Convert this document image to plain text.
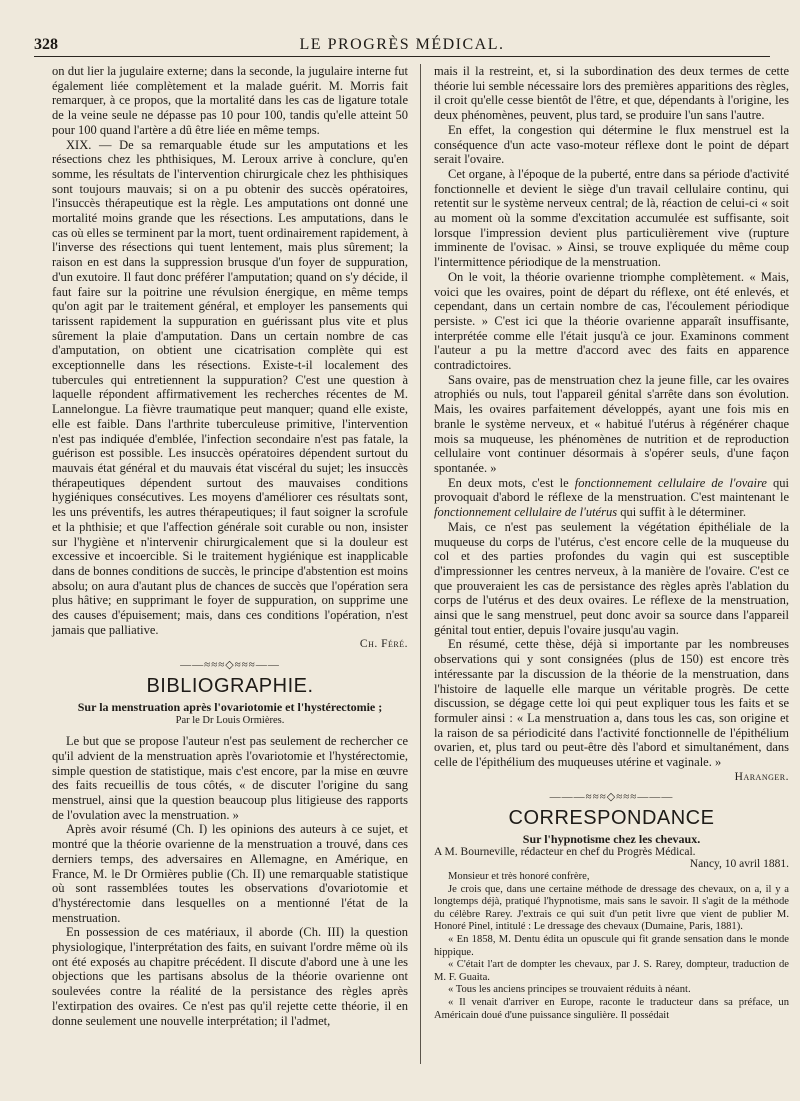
328	LE PROGRÈS MÉDICAL.

on dut lier la jugulaire externe; dans la seconde, la jugulaire interne fut également liée complètement et la malade guérit. M. Morris fait remarquer, à ce propos, que la mortalité dans les cas de ligature totale de la veine seule ne dépasse pas 10 pour 100, tandis qu'elle atteint 50 pour 100 quand l'artère a dû être liée en même temps.

XIX. — De sa remarquable étude sur les amputations et les résections chez les phthisiques, M. Leroux arrive à conclure, qu'en somme, les résultats de l'intervention chirurgicale chez les phthisiques sont toujours mauvais; si on a pu obtenir des succès opératoires, l'insuccès thérapeutique est la règle. Les amputations ont donné une mortalité moins grande que les résections. Les amputations, dans le cas où elles se terminent par la mort, tuent ordinairement rapidement, à l'inverse des résections qui tuent lentement, mais plus sûrement; la raison en est dans la suppression brusque d'un foyer de suppuration, d'un exutoire. Il faut donc préférer l'amputation; quand on s'y décide, il faut faire sur la poitrine une révulsion énergique, en même temps qu'on agit par le traitement général, et employer les pansements qui tarissent rapidement la suppuration en guérissant plus vite et plus sûrement la plaie d'amputation. Dans un certain nombre de cas d'amputation, on obtient une cicatrisation complète qui est exceptionnelle dans les résections. Existe-t-il localement des tubercules qui entretiennent la suppuration? C'est une question à laquelle répondent affirmativement les recherches récentes de M. Lannelongue. La fièvre traumatique peut manquer; quand elle existe, elle est faible. Dans l'arthrite tuberculeuse primitive, l'intervention n'est pas indiquée d'emblée, l'infection secondaire n'est pas fatale, la guérison est possible. Les insuccès opératoires dépendent surtout du mauvais état général et du mauvais état viscéral du sujet; les insuccès thérapeutiques dépendent surtout des mauvaises conditions hygiéniques consécutives. Les moyens d'améliorer ces résultats sont, les uns préventifs, les autres thérapeutiques; il faut soigner la scrofule et la phthisie; et que l'affection générale soit curable ou non, insister sur l'hygiène et n'intervenir chirurgicalement que si la douleur est excessive et incoercible. Si le traitement hygiénique est inapplicable dans de bonnes conditions de succès, le principe d'abstention est moins absolu; on aura d'autant plus de chances de succès que l'opération sera plus hâtive; en supprimant le foyer de suppuration, on supprime une des causes d'épuisement; mais, dans ces conditions l'opération, n'est jamais que palliative.

Ch. Féré.
——≈≈≈◇≈≈≈——
BIBLIOGRAPHIE.
Sur la menstruation après l'ovariotomie et l'hystérectomie ;
Par le Dr Louis Ormières.

Le but que se propose l'auteur n'est pas seulement de rechercher ce qu'il advient de la menstruation après l'ovariotomie et l'hystérectomie, simple question de statistique, mais c'est encore, par la mise en œuvre des faits recueillis de tous côtés, « de discuter l'origine du sang menstruel, ainsi que la question beaucoup plus litigieuse des rapports de l'ovulation avec la menstruation. »

Après avoir résumé (Ch. I) les opinions des auteurs à ce sujet, et montré que la théorie ovarienne de la menstruation a trouvé, dans ces derniers temps, des adversaires en Allemagne, en Amérique, en France, M. le Dr Ormières publie (Ch. II) une remarquable statistique où sont rassemblées toutes les observations d'ovariotomie et d'hystérectomie dans lesquelles on a mentionné l'état de la menstruation.

En possession de ces matériaux, il aborde (Ch. III) la question physiologique, l'interprétation des faits, en suivant l'ordre même où ils ont été exposés au chapitre précédent. Il discute d'abord une à une les objections que les partisans absolus de la théorie ovarienne ont soulevées contre la réalité de la persistance des règles après l'extirpation des ovaires. Ce n'est pas qu'il rejette cette théorie, il en donne seulement une nouvelle interprétation; il l'admet,

mais il la restreint, et, si la subordination des deux termes de cette théorie lui semble nécessaire lors des premières apparitions des règles, il croit qu'elle cesse bientôt de l'être, et que, dépendants à l'origine, les deux phénomènes, peuvent, plus tard, se produire l'un sans l'autre.

En effet, la congestion qui détermine le flux menstruel est la conséquence d'un acte vaso-moteur réflexe dont le point de départ serait l'ovaire.

Cet organe, à l'époque de la puberté, entre dans sa période d'activité fonctionnelle et devient le siège d'un travail cellulaire continu, qui retentit sur le système nerveux central; de là, réaction de celui-ci « soit au moment où la somme d'excitation accumulée est suffisante, soit lorsque l'impression devient plus particulièrement vive (rupture imminente de l'ovisac. » Ainsi, se trouve expliquée du même coup l'intermittence périodique de la menstruation.

On le voit, la théorie ovarienne triomphe complètement. « Mais, voici que les ovaires, point de départ du réflexe, ont été enlevés, et cependant, dans un certain nombre de cas, l'écoulement périodique persiste. » C'est ici que la théorie ovarienne apparaît insuffisante, interprétée comme elle l'était jusqu'à ce jour. Examinons comment l'auteur a pu la mettre d'accord avec des faits en apparence contradictoires.

Sans ovaire, pas de menstruation chez la jeune fille, car les ovaires atrophiés ou nuls, tout l'appareil génital s'arrête dans son évolution. Mais, les ovaires parfaitement développés, ayant une fois mis en branle le système nerveux, et « habitué l'utérus à régénérer chaque mois sa muqueuse, les phénomènes de nutrition et de reproduction cellulaire vont continuer désormais à s'opérer seuls, d'une façon spontanée. »

En deux mots, c'est le fonctionnement cellulaire de l'ovaire qui provoquait d'abord le réflexe de la menstruation. C'est maintenant le fonctionnement cellulaire de l'utérus qui suffit à le déterminer.

Mais, ce n'est pas seulement la végétation épithéliale de la muqueuse du corps de l'utérus, c'est encore celle de la muqueuse du col et des parties profondes du vagin qui est susceptible d'impressionner les centres nerveux, à la manière de l'ovaire. C'est ce que prouveraient les cas de persistance des règles après l'ablation du corps de l'utérus et des deux ovaires. Le réflexe de la menstruation, ainsi que le sang menstruel, peut donc avoir sa source dans l'appareil génital tout entier, depuis l'ovaire jusqu'au vagin.

En résumé, cette thèse, déjà si importante par les nombreuses observations qui y sont consignées (plus de 150) est encore très intéressante par la discussion de la théorie de la menstruation, dans l'histoire de laquelle elle marque un véritable progrès. De cette discussion, se dégage cette loi qui peut expliquer tous les faits et se formuler ainsi : « La menstruation a, dans tous les cas, son origine et la raison de sa périodicité dans l'activité fonctionnelle de l'épithélium ovarien, et, plus tard ou peut-être dès l'abord et simultanément, dans celle de l'épithélium des muqueuses utérine et vaginale. »

Haranger.
———≈≈≈◇≈≈≈———
CORRESPONDANCE
Sur l'hypnotisme chez les chevaux.

A M. Bourneville, rédacteur en chef du Progrès Médical.

Nancy, 10 avril 1881.

Monsieur et très honoré confrère,

Je crois que, dans une certaine méthode de dressage des chevaux, on a, il y a longtemps déjà, pratiqué l'hypnotisme, mais sans le savoir. Il s'agit de la méthode du célèbre Rarey. J'extrais ce qui suit d'un petit livre que vient de publier M. Honoré Pinel, intitulé : Le dressage des chevaux (Dumaine, Paris, 1881).

« En 1858, M. Dentu édita un opuscule qui fit grande sensation dans le monde hippique.

« C'était l'art de dompter les chevaux, par J. S. Rarey, dompteur, traduction de M. F. Guaita.

« Tous les anciens principes se trouvaient réduits à néant.

« Il venait d'arriver en Europe, raconte le traducteur dans sa préface, un Américain doué d'une puissance singulière. Il possédait
